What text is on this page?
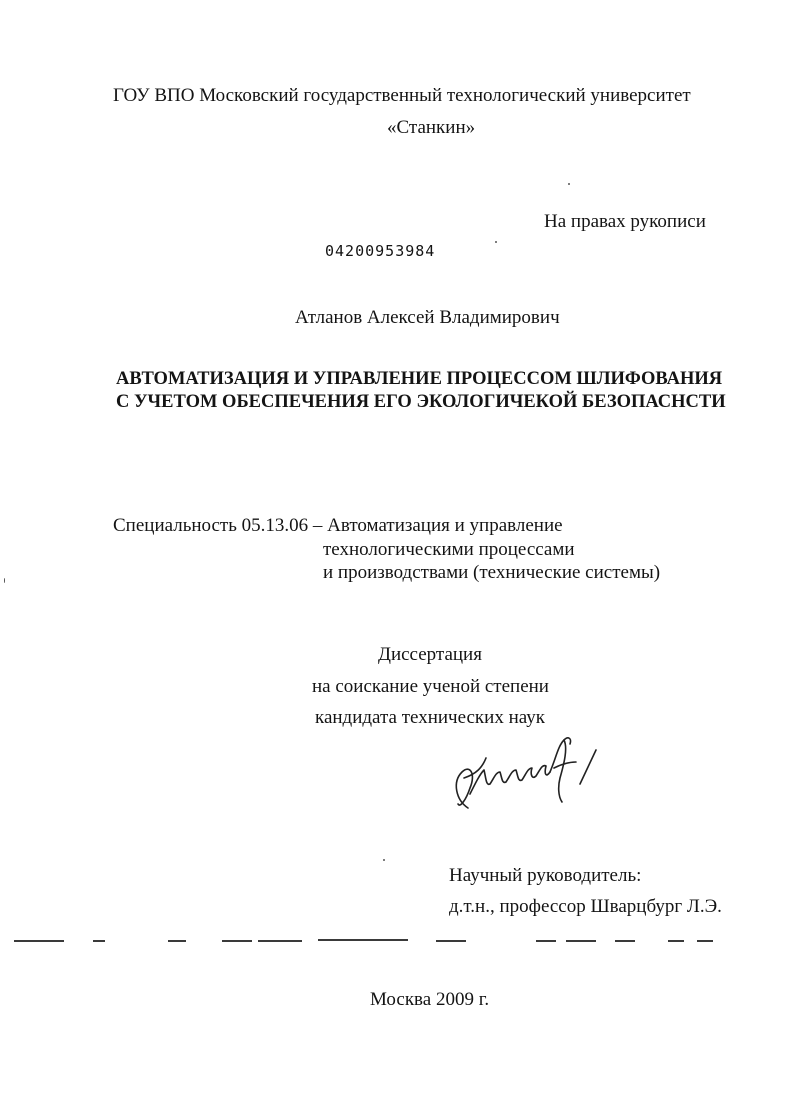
ГОУ ВПО Московский государственный технологический университет
«Станкин»
На правах рукописи
04200953984
Атланов Алексей Владимирович
АВТОМАТИЗАЦИЯ И УПРАВЛЕНИЕ ПРОЦЕССОМ ШЛИФОВАНИЯ
С УЧЕТОМ ОБЕСПЕЧЕНИЯ ЕГО ЭКОЛОГИЧЕКОЙ БЕЗОПАСНСТИ
Специальность 05.13.06 – Автоматизация и управление
технологическими процессами
и производствами (технические системы)
Диссертация
на соискание ученой степени
кандидата технических наук
Научный руководитель:
д.т.н., профессор Шварцбург Л.Э.
Москва 2009 г.
